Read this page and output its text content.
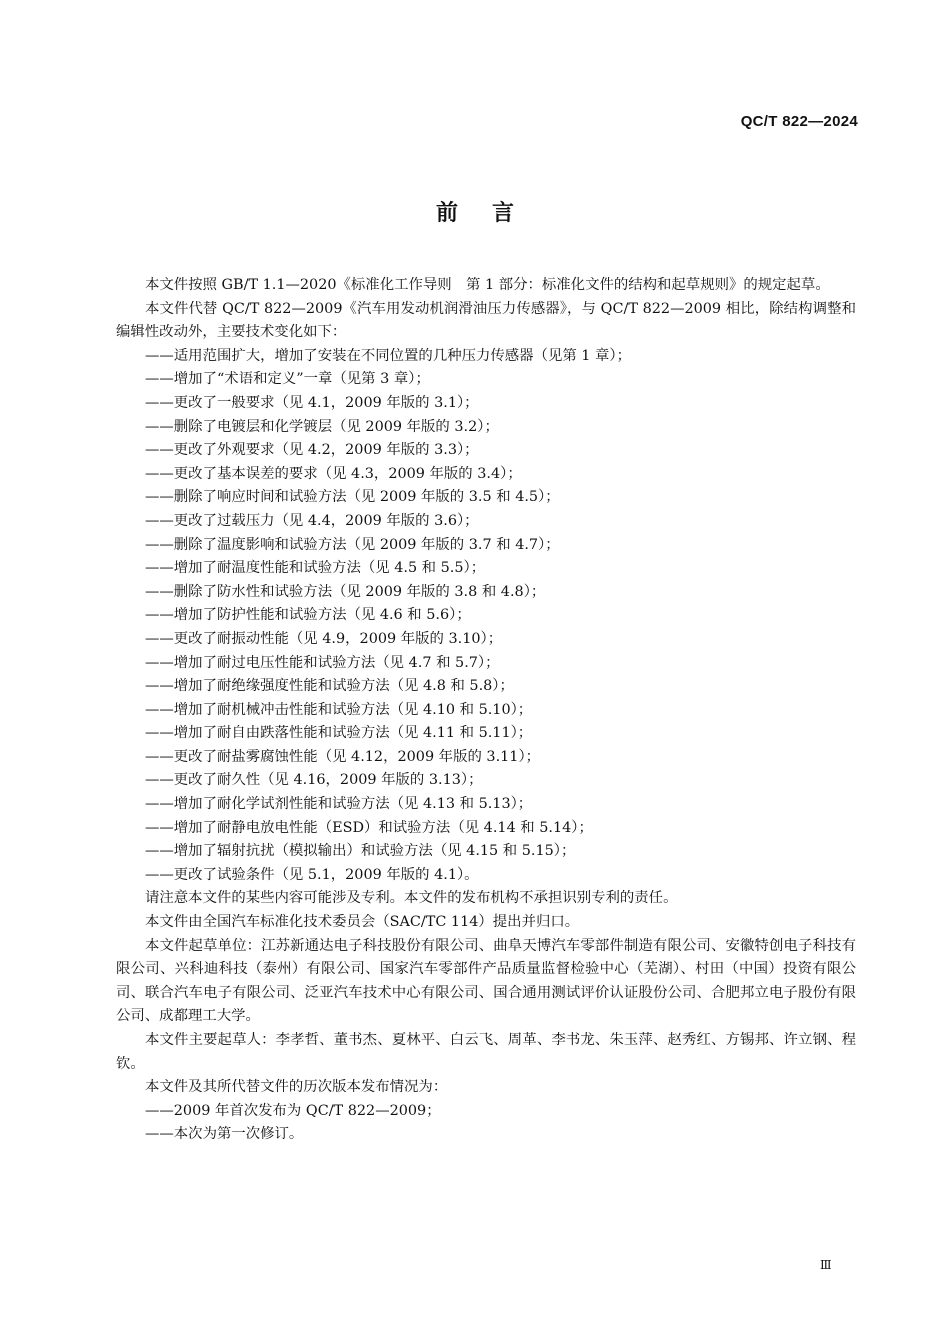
QC/T 822—2024
前言

本文件按照 GB/T 1.1—2020《标准化工作导则　第 1 部分：标准化文件的结构和起草规则》的规定起草。

本文件代替 QC/T 822—2009《汽车用发动机润滑油压力传感器》，与 QC/T 822—2009 相比，除结构调整和编辑性改动外，主要技术变化如下：

——适用范围扩大，增加了安装在不同位置的几种压力传感器（见第 1 章）；

——增加了“术语和定义”一章（见第 3 章）；

——更改了一般要求（见 4.1，2009 年版的 3.1）；

——删除了电镀层和化学镀层（见 2009 年版的 3.2）；

——更改了外观要求（见 4.2，2009 年版的 3.3）；

——更改了基本误差的要求（见 4.3，2009 年版的 3.4）；

——删除了响应时间和试验方法（见 2009 年版的 3.5 和 4.5）；

——更改了过载压力（见 4.4，2009 年版的 3.6）；

——删除了温度影响和试验方法（见 2009 年版的 3.7 和 4.7）；

——增加了耐温度性能和试验方法（见 4.5 和 5.5）；

——删除了防水性和试验方法（见 2009 年版的 3.8 和 4.8）；

——增加了防护性能和试验方法（见 4.6 和 5.6）；

——更改了耐振动性能（见 4.9，2009 年版的 3.10）；

——增加了耐过电压性能和试验方法（见 4.7 和 5.7）；

——增加了耐绝缘强度性能和试验方法（见 4.8 和 5.8）；

——增加了耐机械冲击性能和试验方法（见 4.10 和 5.10）；

——增加了耐自由跌落性能和试验方法（见 4.11 和 5.11）；

——更改了耐盐雾腐蚀性能（见 4.12，2009 年版的 3.11）；

——更改了耐久性（见 4.16，2009 年版的 3.13）；

——增加了耐化学试剂性能和试验方法（见 4.13 和 5.13）；

——增加了耐静电放电性能（ESD）和试验方法（见 4.14 和 5.14）；

——增加了辐射抗扰（模拟输出）和试验方法（见 4.15 和 5.15）；

——更改了试验条件（见 5.1，2009 年版的 4.1）。

请注意本文件的某些内容可能涉及专利。本文件的发布机构不承担识别专利的责任。

本文件由全国汽车标准化技术委员会（SAC/TC 114）提出并归口。

本文件起草单位：江苏新通达电子科技股份有限公司、曲阜天博汽车零部件制造有限公司、安徽特创电子科技有限公司、兴科迪科技（泰州）有限公司、国家汽车零部件产品质量监督检验中心（芜湖）、村田（中国）投资有限公司、联合汽车电子有限公司、泛亚汽车技术中心有限公司、国合通用测试评价认证股份公司、合肥邦立电子股份有限公司、成都理工大学。

本文件主要起草人：李孝哲、董书杰、夏林平、白云飞、周革、李书龙、朱玉萍、赵秀红、方锡邦、许立钢、程钦。

本文件及其所代替文件的历次版本发布情况为：

——2009 年首次发布为 QC/T 822—2009；

——本次为第一次修订。

Ⅲ
